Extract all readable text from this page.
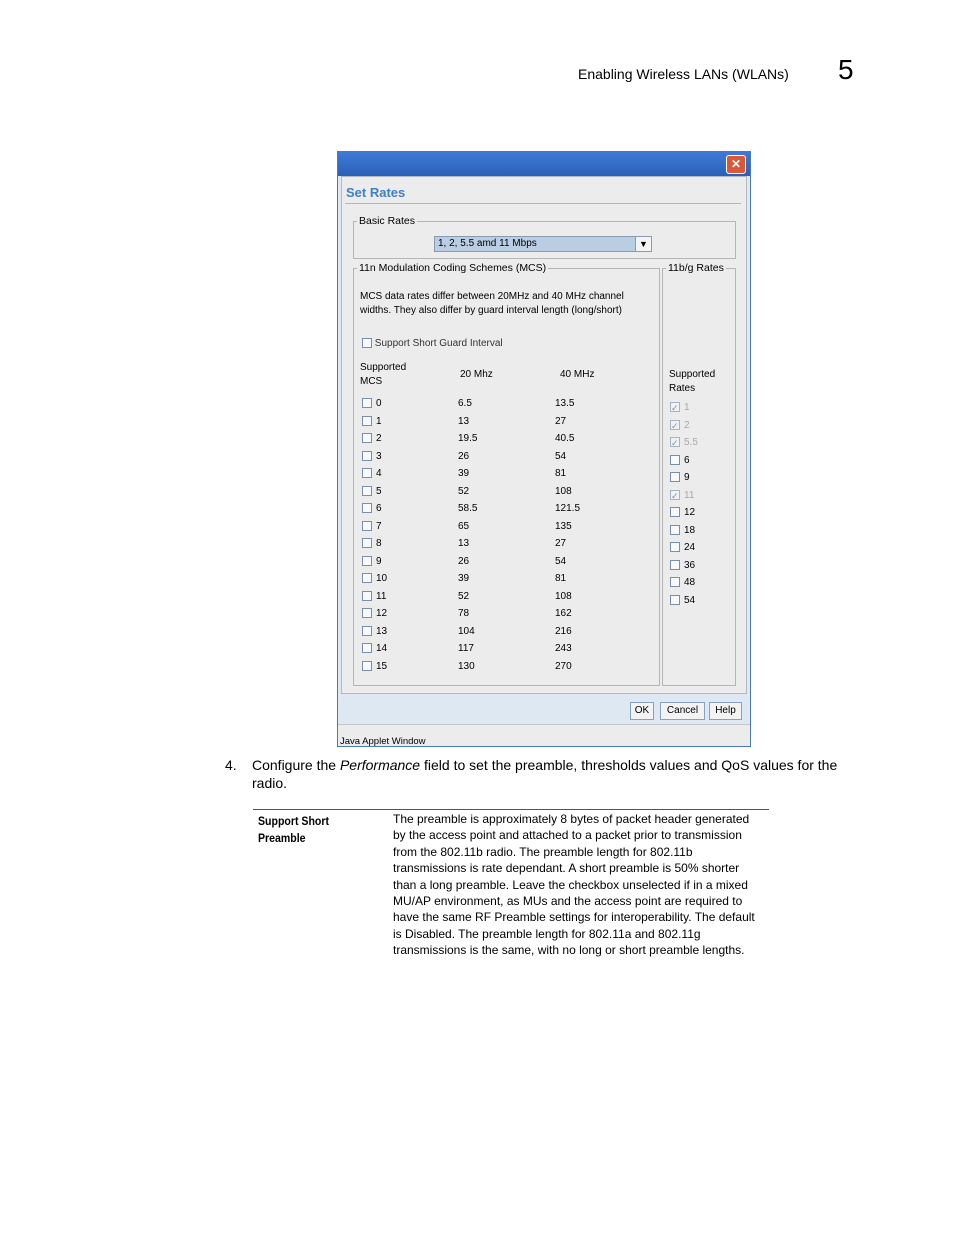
Enabling Wireless LANs (WLANs) 5
✕
Set Rates
Basic Rates
1, 2, 5.5 amd 11 Mbps	▼
11n Modulation Coding Schemes (MCS)
MCS data rates differ between 20MHz and 40 MHz channel widths. They also differ by guard interval length (long/short)
Support Short Guard Interval
Supported MCS
20 Mhz	40 MHz
0	6.5	13.5
1	13	27
2	19.5	40.5
3	26	54
4	39	81
5	52	108
6	58.5	121.5
7	65	135
8	13	27
9	26	54
10	39	81
11	52	108
12	78	162
13	104	216
14	117	243
15	130	270
11b/g Rates
Supported Rates
✓1
✓2
✓5.5
6
9
✓11
12
18
24
36
48
54
OK	Cancel	Help
Java Applet Window
4. Configure the Performance field to set the preamble, thresholds values and QoS values for the radio.
Support Short Preamble
The preamble is approximately 8 bytes of packet header generated by the access point and attached to a packet prior to transmission from the 802.11b radio. The preamble length for 802.11b transmissions is rate dependant. A short preamble is 50% shorter than a long preamble. Leave the checkbox unselected if in a mixed MU/AP environment, as MUs and the access point are required to have the same RF Preamble settings for interoperability. The default is Disabled. The preamble length for 802.11a and 802.11g transmissions is the same, with no long or short preamble lengths.
